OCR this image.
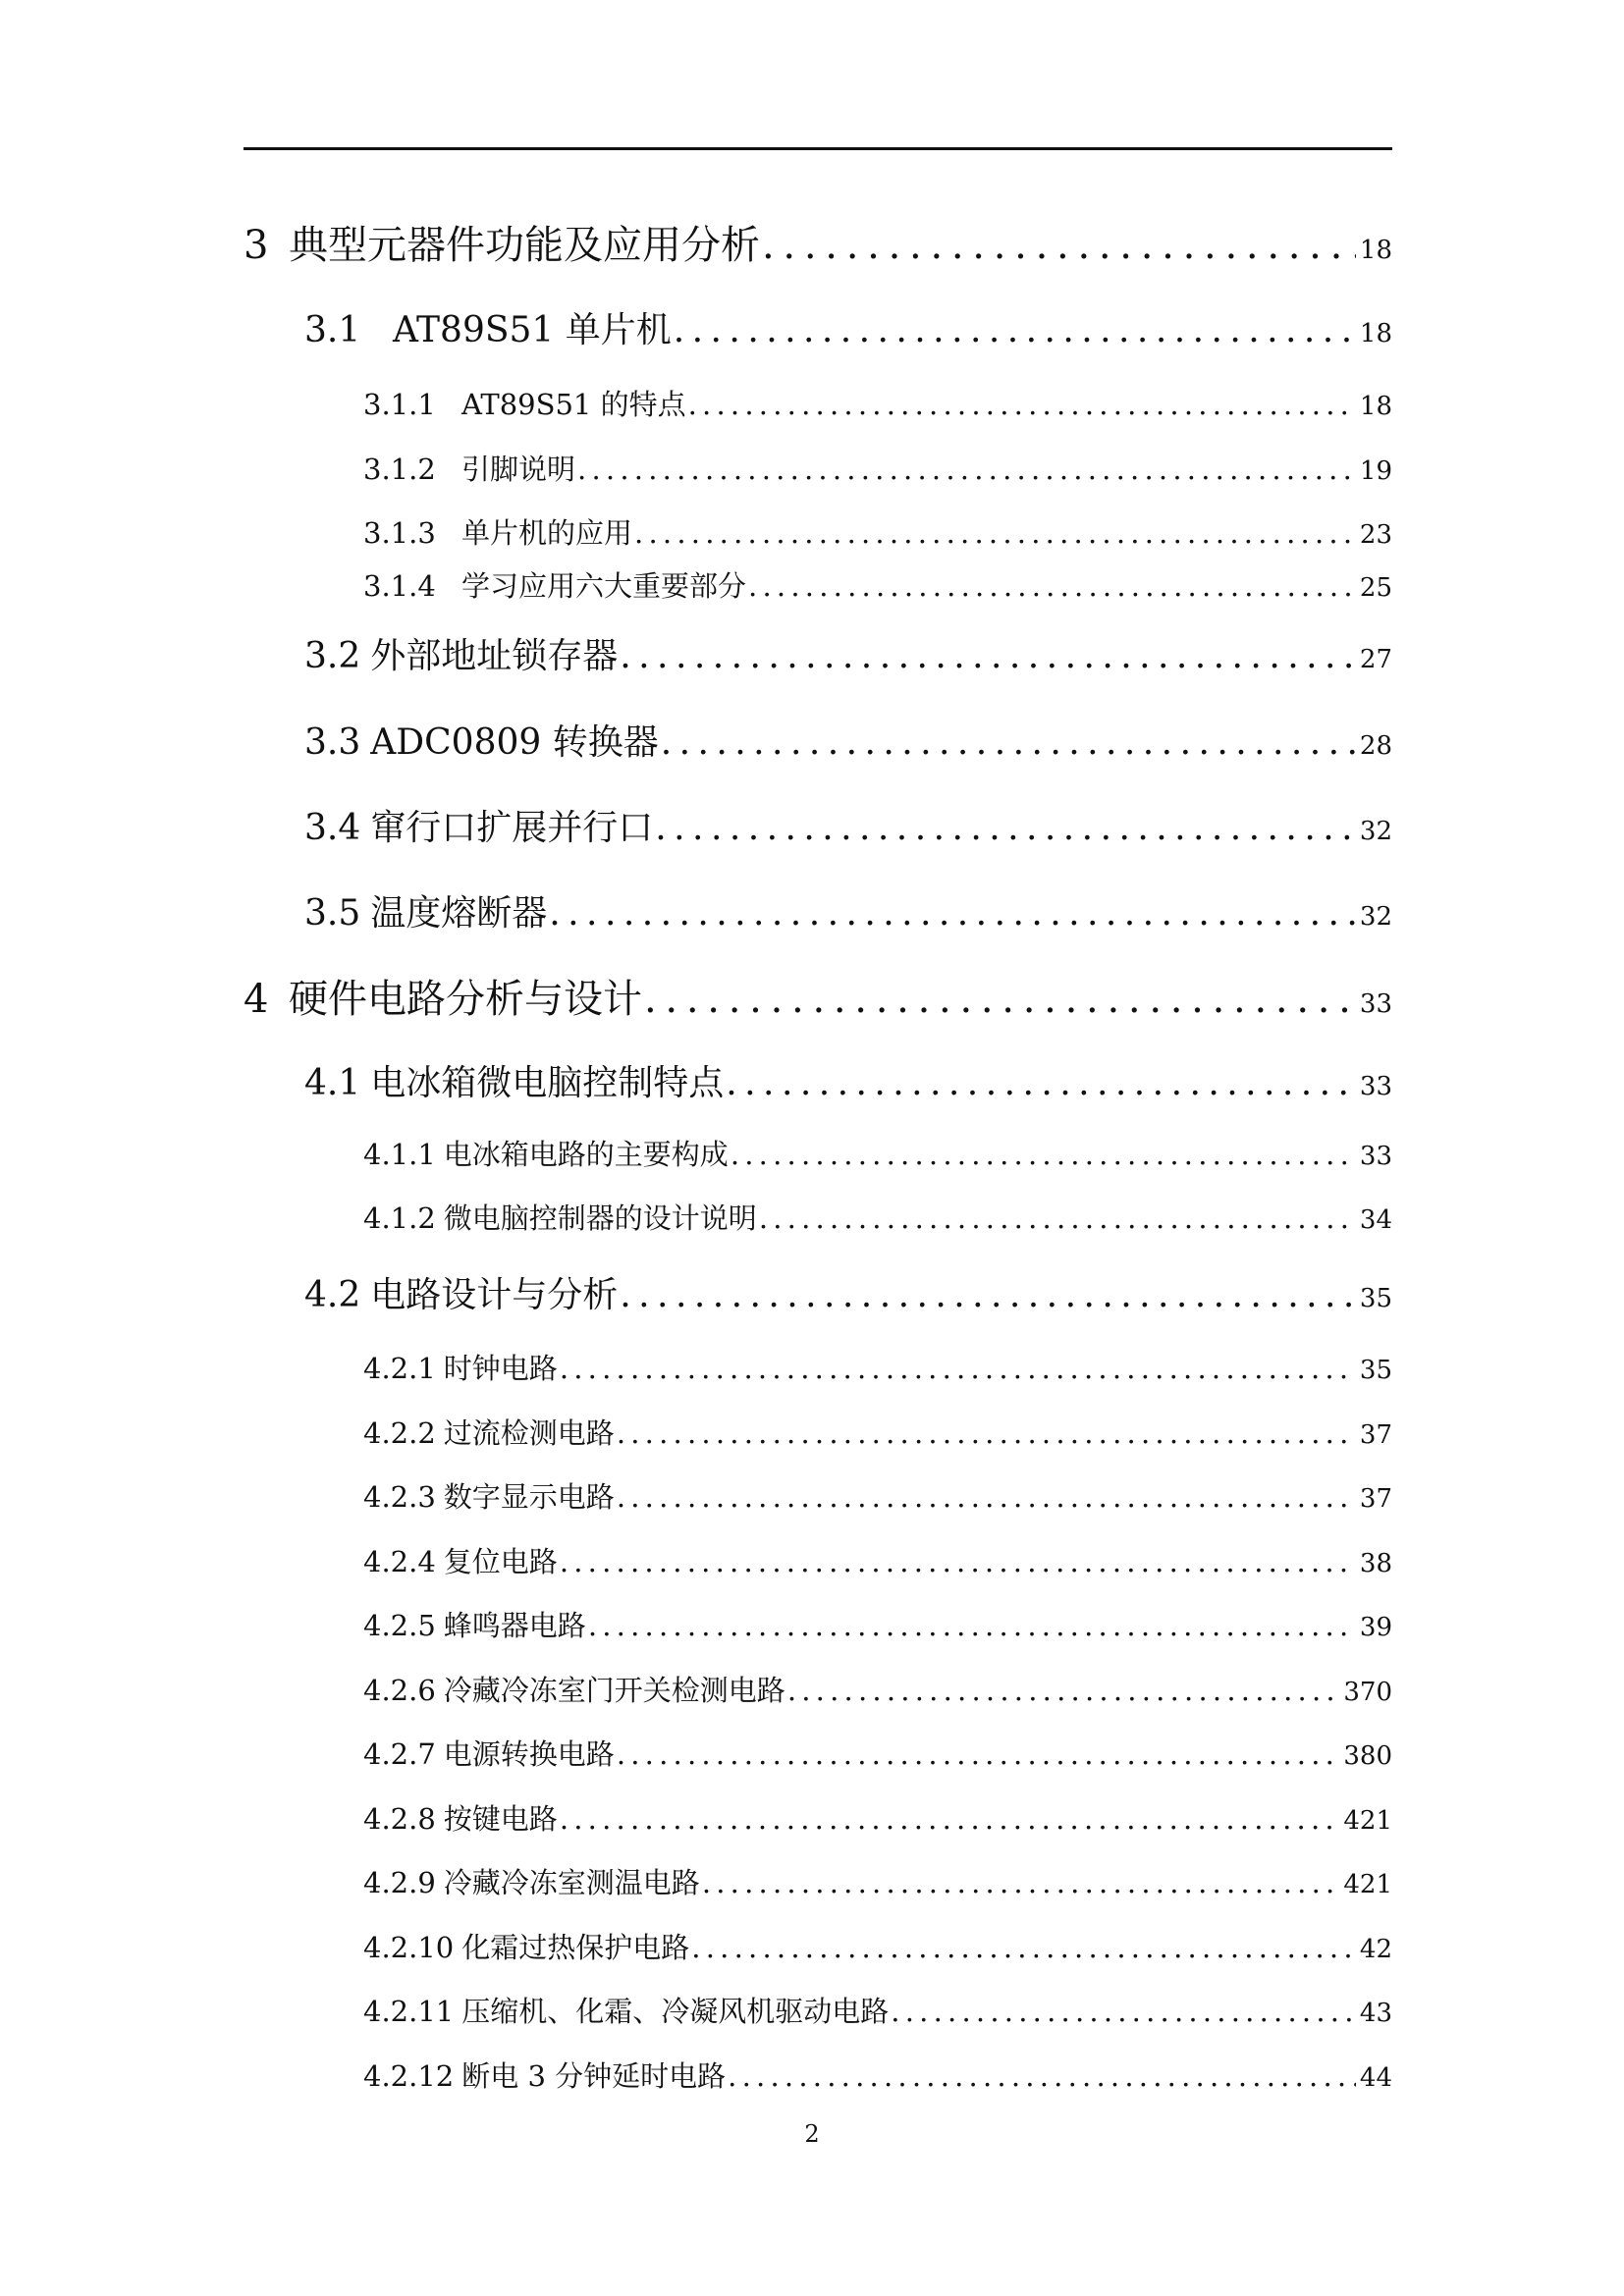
3 典型元器件功能及应用分析 . . .	18
3.1 AT89S51 单片机 . . .	18
3.1.1 AT89S51 的特点 . . .	18
3.1.2 引脚说明 . . .	19
3.1.3 单片机的应用 . . .	23
3.1.4 学习应用六大重要部分 . . .	25
3.2 外部地址锁存器 . . .	27
3.3 ADC0809 转换器 . . .	28
3.4 窜行口扩展并行口 . . .	32
3.5 温度熔断器 . . .	32
4 硬件电路分析与设计 . . .	33
4.1 电冰箱微电脑控制特点 . . .	33
4.1.1 电冰箱电路的主要构成 . . .	33
4.1.2 微电脑控制器的设计说明 . . .	34
4.2 电路设计与分析 . . .	35
4.2.1 时钟电路 . . .	35
4.2.2 过流检测电路 . . .	37
4.2.3 数字显示电路 . . .	37
4.2.4 复位电路 . . .	38
4.2.5 蜂鸣器电路 . . .	39
4.2.6 冷藏冷冻室门开关检测电路 . . .	370
4.2.7 电源转换电路 . . .	380
4.2.8 按键电路 . . .	421
4.2.9 冷藏冷冻室测温电路 . . .	421
4.2.10 化霜过热保护电路 . . .	42
4.2.11 压缩机、化霜、冷凝风机驱动电路 . . .	43
4.2.12 断电 3 分钟延时电路 . . .	44
2
